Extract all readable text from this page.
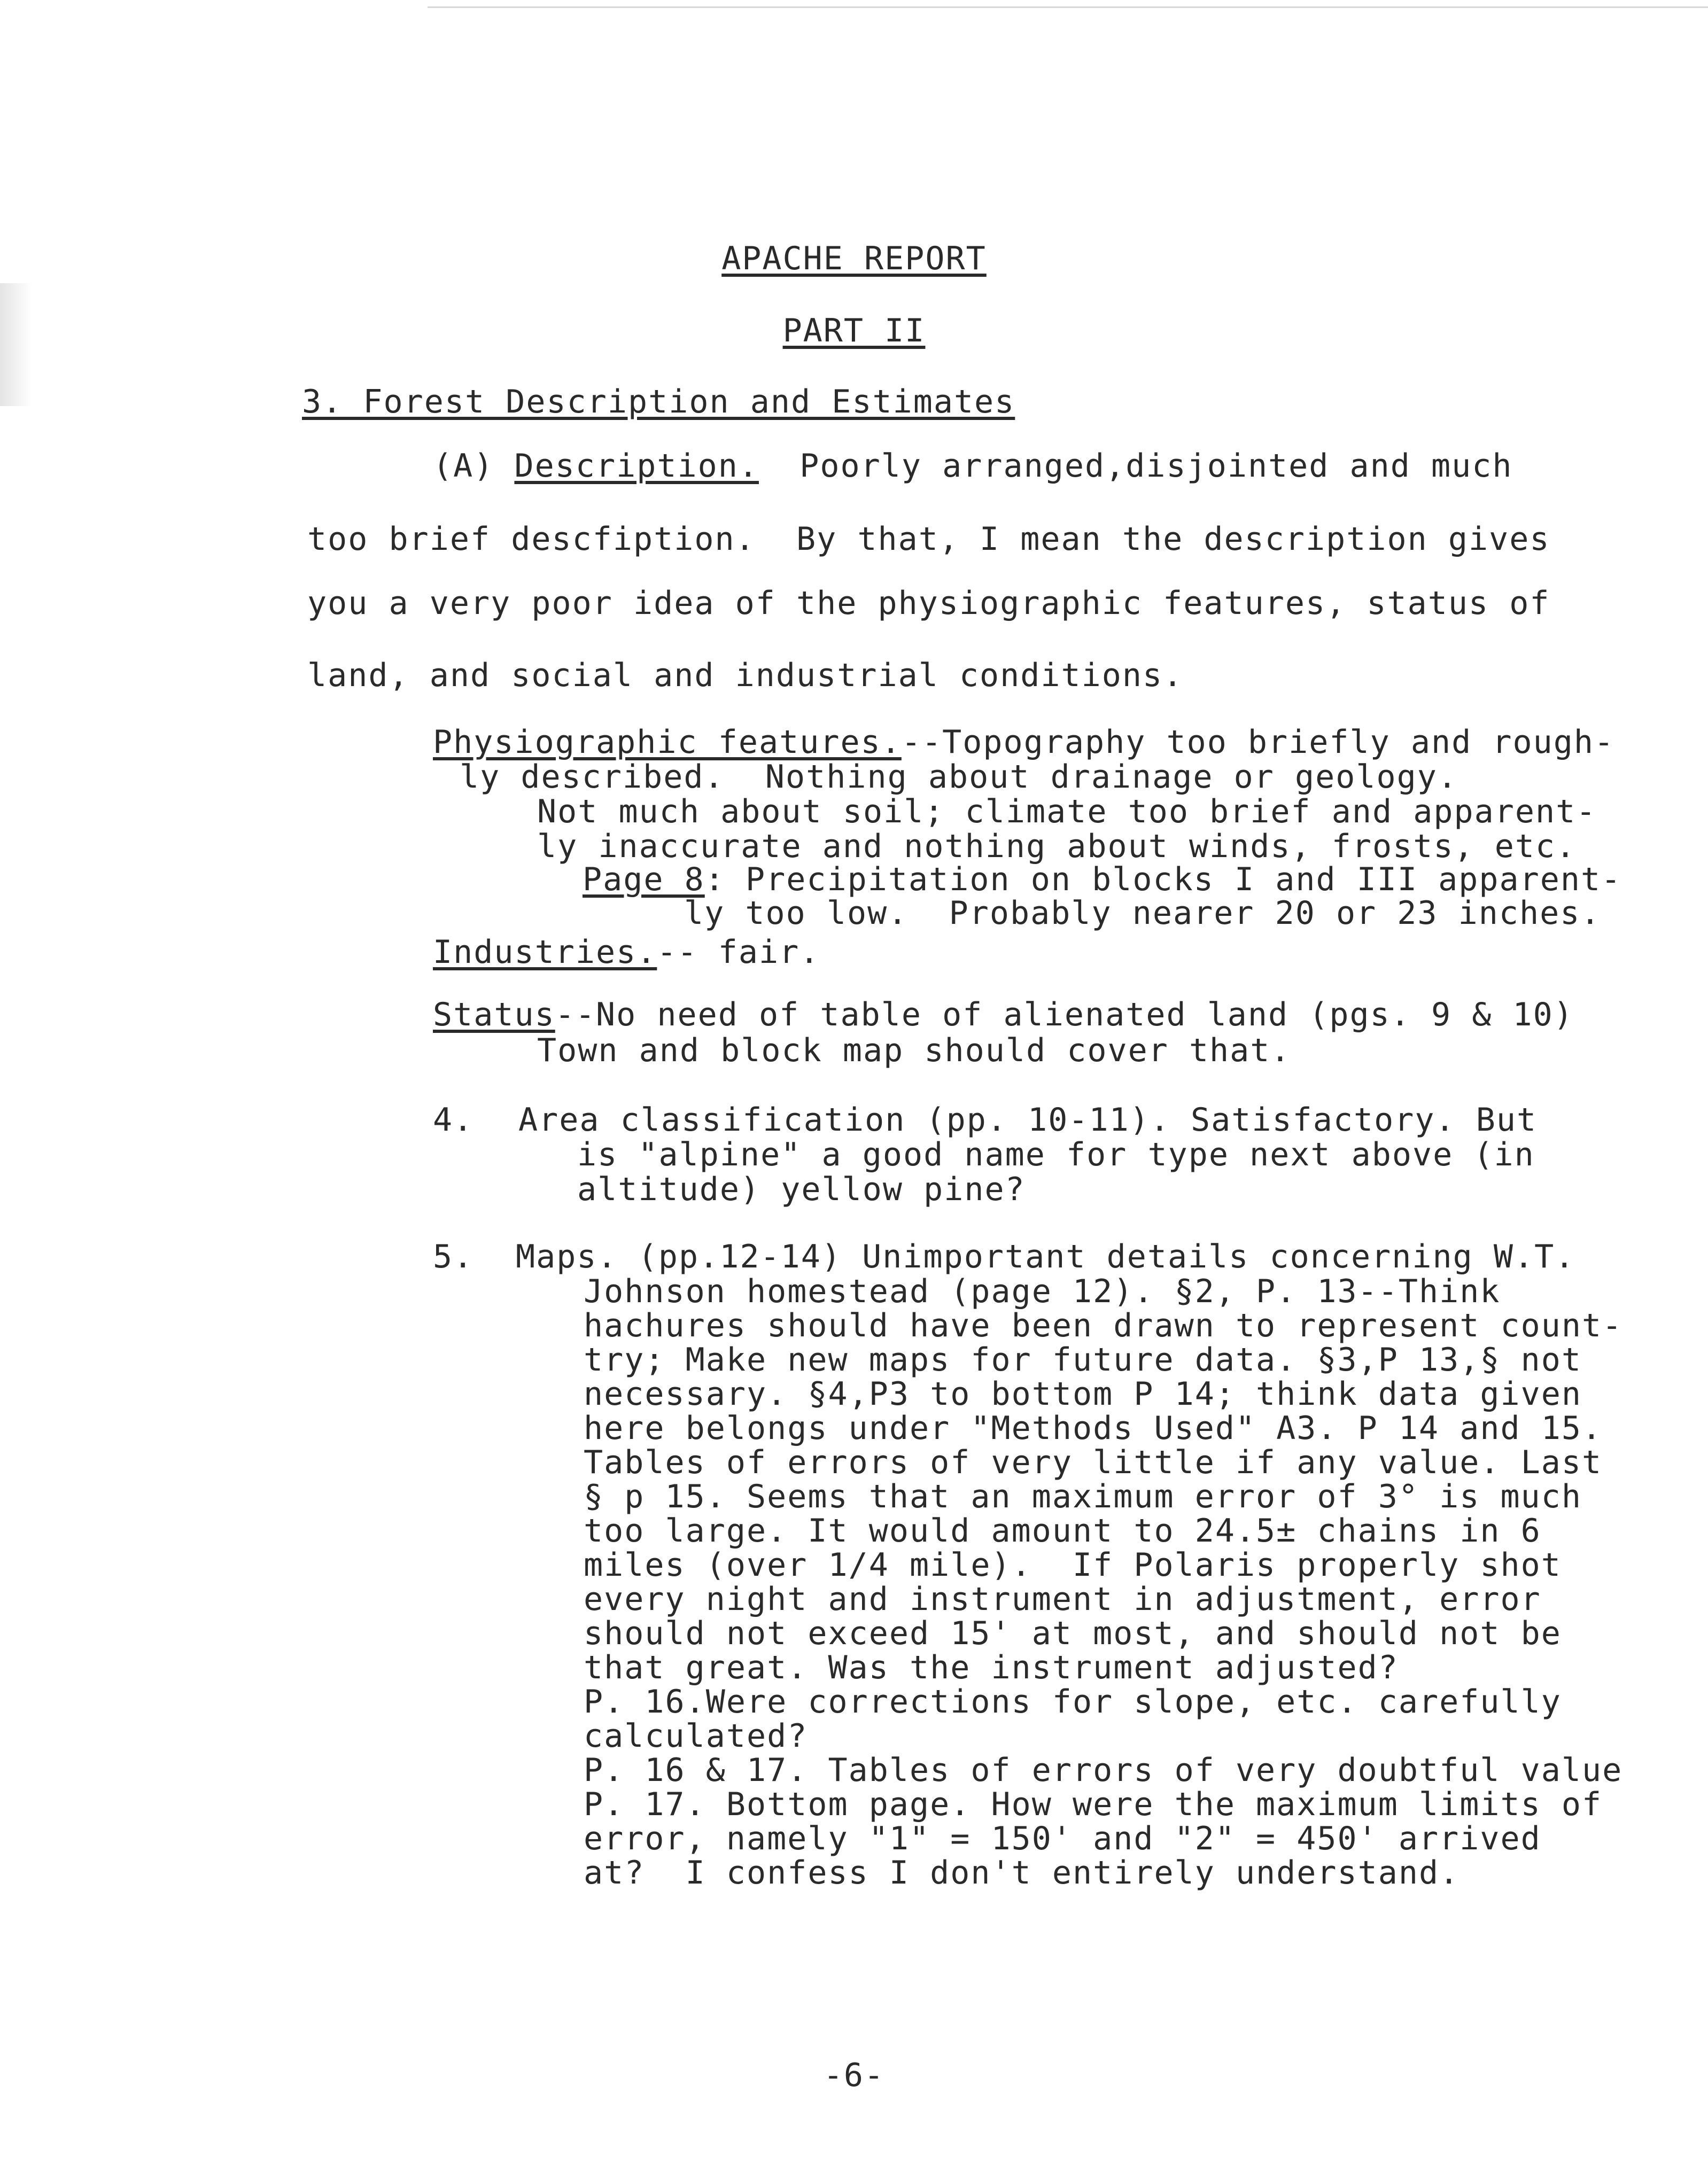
APACHE REPORT
PART II
3. Forest Description and Estimates
(A) Description.  Poorly arranged,disjointed and much
too brief descfiption.  By that, I mean the description gives
you a very poor idea of the physiographic features, status of
land, and social and industrial conditions.
Physiographic features.--Topography too briefly and rough-
ly described.  Nothing about drainage or geology.
Not much about soil; climate too brief and apparent-
ly inaccurate and nothing about winds, frosts, etc.
Page 8: Precipitation on blocks I and III apparent-
ly too low.  Probably nearer 20 or 23 inches.
Industries.-- fair.
Status--No need of table of alienated land (pgs. 9 & 10)
Town and block map should cover that.
4. Area classification (pp. 10-11). Satisfactory. But
is "alpine" a good name for type next above (in
altitude) yellow pine?
5. Maps. (pp.12-14) Unimportant details concerning W.T.
Johnson homestead (page 12). §2, P. 13--Think
hachures should have been drawn to represent count-
try; Make new maps for future data. §3,P 13,§ not
necessary. §4,P3 to bottom P 14; think data given
here belongs under "Methods Used" A3. P 14 and 15.
Tables of errors of very little if any value. Last
§ p 15. Seems that an maximum error of 3° is much
too large. It would amount to 24.5± chains in 6
miles (over 1/4 mile).  If Polaris properly shot
every night and instrument in adjustment, error
should not exceed 15' at most, and should not be
that great. Was the instrument adjusted?
P. 16.Were corrections for slope, etc. carefully
calculated?
P. 16 & 17. Tables of errors of very doubtful value
P. 17. Bottom page. How were the maximum limits of
error, namely "1" = 150' and "2" = 450' arrived
at?  I confess I don't entirely understand.
-6-
